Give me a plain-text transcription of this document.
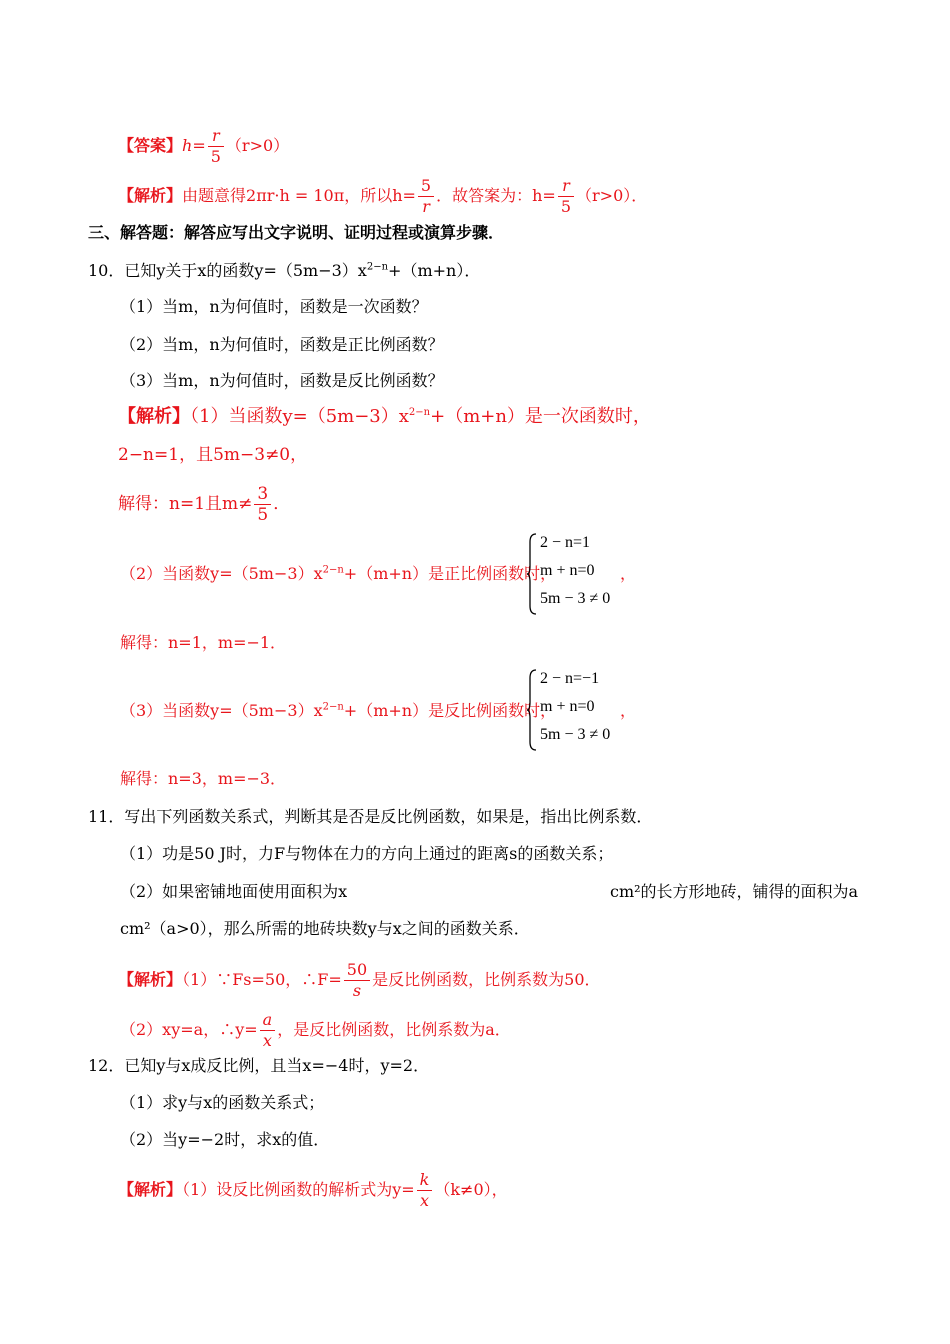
【答案】$h= \frac{r}{5} (r>0)$
【解析】由题意得2πr·h = 10π，所以$h= \frac{5}{r}$ ．故答案为：$h= \frac{r}{5} (r>0)$．
三、解答题：解答应写出文字说明、证明过程或演算步骤．
10．已知y关于x的函数$y=(5m-3)x^{2-n}+(m+n)$．
（1）当m，n为何值时，函数是一次函数？
（2）当m，n为何值时，函数是正比例函数？
（3）当m，n为何值时，函数是反比例函数？
【解析】（1）当函数$y=(5m-3)x^{2-n}+(m+n)$是一次函数时，
2−n=1，且5m−3≠0，
解得：n=1且$m\ne \frac{3}{5}$ ．
（2）当函数$y=(5m-3)x^{2-n}+(m+n)$是正比例函数时，
2 − n=1
m + n=0
5m − 3 ≠ 0
，
解得：n=1，m=−1．
（3）当函数$y=(5m-3)x^{2-n}+(m+n)$是反比例函数时，
2 − n=−1
m + n=0
5m − 3 ≠ 0
，
解得：n=3，m=−3．
11．写出下列函数关系式，判断其是否是反比例函数，如果是，指出比例系数．
（1）功是50 J时，力F与物体在力的方向上通过的距离s的函数关系；
（2）如果密铺地面使用面积为x	cm²的长方形地砖，铺得的面积为a
cm²（a>0），那么所需的地砖块数y与x之间的函数关系．
【解析】（1）∵Fs=50，∴F= $\frac{50}{s}$ 是反比例函数，比例系数为50．
（2）xy=a，∴y= $\frac{a}{x}$ ，是反比例函数，比例系数为a．
12．已知y与x成反比例，且当x=−4时，y=2．
（1）求y与x的函数关系式；
（2）当y=−2时，求x的值．
【解析】（1）设反比例函数的解析式为$y= \frac{k}{x} (k\ne 0)$，
